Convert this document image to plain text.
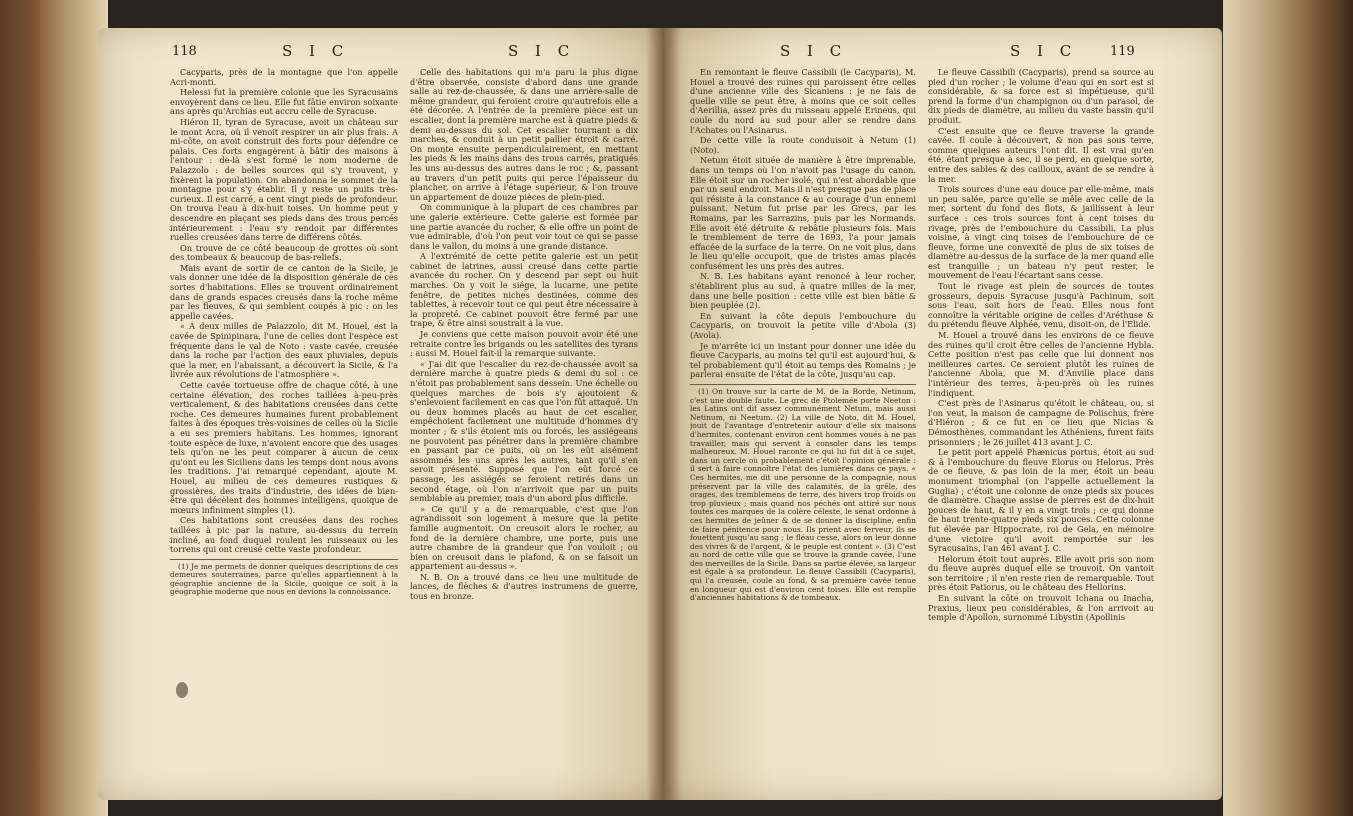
118	S I C	S I C	S I C	S I C	119

Cacyparis, près de la montagne que l'on appelle Acri-monti.

Helessi fut la première colonie que les Syracusains envoyèrent dans ce lieu. Elle fut fâtie environ soixante ans après qu'Archias eut accru celle de Syracuse.

Hiéron II, tyran de Syracuse, avoit un château sur le mont Acra, où il venoit respirer un air plus frais. A mi-côte, on avoit construit des forts pour défendre ce palais. Ces forts engagèrent à bâtir des maisons à l'entour : de-là s'est formé le nom moderne de Palazzolo : de belles sources qui s'y trouvent, y fixèrent la population. On abandonna le sommet de la montagne pour s'y établir. Il y reste un puits très-curieux. Il est carré, a cent vingt pieds de profondeur. On trouva l'eau à dix-huit toises. Un homme peut y descendre en plaçant ses pieds dans des trous percés intérieurement : l'eau s'y rendoit par différentes ruelles creusées dans terre de différens côtés.

On trouve de ce côté beaucoup de grottes où sont des tombeaux & beaucoup de bas-reliefs.

Mais avant de sortir de ce canton de la Sicile, je vais donner une idée de la disposition générale de ces sortes d'habitations. Elles se trouvent ordinairement dans de grands espaces creusés dans la roche même par les fleuves, & qui semblent coupés à pic : on les appelle cavées.

« A deux milles de Palazzolo, dit M. Houel, est la cavée de Spinipinara, l'une de celles dont l'espèce est fréquente dans le val de Noto : vaste cavée, creusée dans la roche par l'action des eaux pluviales, depuis que la mer, en l'abaissant, a découvert la Sicile, & l'a livrée aux révolutions de l'atmosphère ».

Cette cavée tortueuse offre de chaque côté, à une certaine élévation, des roches taillées à-peu-près verticalement, & des habitations creusées dans cette roche. Ces demeures humaines furent probablement faites à des époques très-voisines de celles où la Sicile a eu ses premiers habitans. Les hommes, ignorant toute espèce de luxe, n'avoient encore que des usages tels qu'on ne les peut comparer à aucun de ceux qu'ont eu les Siciliens dans les temps dont nous avons les traditions. J'ai remarqué cependant, ajoute M. Houel, au milieu de ces demeures rustiques & grossières, des traits d'industrie, des idées de bien-être qui décèlent des hommes intelligens, quoique de mœurs infiniment simples (1).

Ces habitations sont creusées dans des roches taillées à pic par la nature, au-dessus du terrein incliné, au fond duquel roulent les ruisseaux ou les torrens qui ont creusé cette vaste profondeur.

(1) Je me permets de donner quelques descriptions de ces demeures souterraines, parce qu'elles appartiennent à la géographie ancienne de la Sicile, quoique ce soit à la géographie moderne que nous en devions la connoissance.

Celle des habitations qui m'a paru la plus digne d'être observée, consiste d'abord dans une grande salle au rez-de-chaussée, & dans une arrière-salle de même grandeur, qui feroient croire qu'autrefois elle a été décorée. A l'entrée de la première pièce est un escalier, dont la première marche est à quatre pieds & demi au-dessus du sol. Cet escalier tournant a dix marches, & conduit à un petit pallier étroit & carré. On monte ensuite perpendiculairement, en mettant les pieds & les mains dans des trous carrés, pratiqués les uns au-dessus des autres dans le roc ; &, passant au travers d'un petit puits qui perce l'épaisseur du plancher, on arrive à l'étage supérieur, & l'on trouve un appartement de douze pièces de plein-pied.

On communique à la plupart de ces chambres par une galerie extérieure. Cette galerie est formée par une partie avancée du rocher, & elle offre un point de vue admirable, d'où l'on peut voir tout ce qui se passe dans le vallon, du moins à une grande distance.

A l'extrémité de cette petite galerie est un petit cabinet de latrines, aussi creusé dans cette partie avancée du rocher. On y descend par sept ou huit marches. On y voit le siége, la lucarne, une petite fenêtre, de petites niches destinées, comme des tablettes, à recevoir tout ce qui peut être nécessaire à la propreté. Ce cabinet pouvoit être fermé par une trape, & être ainsi soustrait à la vue.

Je conviens que cette maison pouvoit avoir été une retraite contre les brigands ou les satellites des tyrans : aussi M. Houel fait-il la remarque suivante.

« J'ai dit que l'escalier du rez-de-chaussée avoit sa dernière marche à quatre pieds & demi du sol : ce n'étoit pas probablement sans dessein. Une échelle ou quelques marches de bois s'y ajoutoient & s'enlevoient facilement en cas que l'on fût attaqué. Un ou deux hommes placés au haut de cet escalier, empêchoient facilement une multitude d'hommes d'y monter ; & s'ils étoient mis ou forcés, les assiégeans ne pouvoient pas pénétrer dans la première chambre en passant par ce puits, où on les eût aisément assommés les uns après les autres, tant qu'il s'en seroit présenté. Supposé que l'on eût forcé ce passage, les assiégés se feroient retirés dans un second étage, où l'on n'arrivoit que par un puits semblable au premier, mais d'un abord plus difficile.

» Ce qu'il y a de remarquable, c'est que l'on agrandissoit son logement à mesure que la petite famille augmentoit. On creusoit alors le rocher, au fond de la dernière chambre, une porte, puis une autre chambre de la grandeur que l'on vouloit ; ou bien on creusoit dans le plafond, & on se faisoit un appartement au-dessus ».

N. B. On a trouvé dans ce lieu une multitude de lances, de flèches & d'autres instrumens de guerre, tous en bronze.

En remontant le fleuve Cassibili (le Cacyparis), M. Houel a trouvé des ruines qui paroissent être celles d'une ancienne ville des Sicaniens : je ne fais de quelle ville se peut être, à moins que ce soit celles d'Aerillia, assez près du ruisseau appelé Erineus, qui coule du nord au sud pour aller se rendre dans l'Achates ou l'Asinarus.

De cette ville la route conduisoit à Netum (1) (Noto).

Netum étoit située de manière à être imprenable, dans un temps où l'on n'avoit pas l'usage du canon. Elle étoit sur un rocher isolé, qui n'est abordable que par un seul endroit. Mais il n'est presque pas de place qui résiste à la constance & au courage d'un ennemi puissant. Netum fut prise par les Grecs, par les Romains, par les Sarrazins, puis par les Normands. Elle avoit été détruite & rebâtie plusieurs fois. Mais le tremblement de terre de 1693, l'a pour jamais effacée de la surface de la terre. On ne voit plus, dans le lieu qu'elle occupoit, que de tristes amas placés confusément les uns près des autres.

N. B. Les habitans ayant renoncé à leur rocher, s'établirent plus au sud, à quatre milles de la mer, dans une belle position : cette ville est bien bâtie & bien peuplée (2).

En suivant la côte depuis l'embouchure du Cacyparis, on trouvoit la petite ville d'Abola (3) (Avola).

Je m'arrête ici un instant pour donner une idée du fleuve Cacyparis, au moins tel qu'il est aujourd'hui, & tel probablement qu'il étoit au temps des Romains ; je parlerai ensuite de l'état de la côte, jusqu'au cap.

(1) On trouve sur la carte de M. de la Borde, Netinum, c'est une double faute. Le grec de Ptolemée porte Neeton : les Latins ont dit assez communément Netum, mais aussi Netinum, ni Neetum. (2) La ville de Noto, dit M. Houel, jouit de l'avantage d'entretenir autour d'elle six maisons d'hermites, contenant environ cent hommes voués à ne pas travailler, mais qui servent à consoler dans les temps malheureux. M. Houel raconte ce qui lui fut dit à ce sujet, dans un cercle où probablement c'étoit l'opinion générale : il sert à faire connoître l'état des lumières dans ce pays. « Ces hermites, me dit une personne de la compagnie, nous préservent par la ville des calamités, de la grêle, des orages, des tremblemens de terre, des hivers trop froids ou trop pluvieux ; mais quand nos péchés ont attiré sur nous toutes ces marques de la colère céleste, le sénat ordonne à ces hermites de jeûner & de se donner la discipline, enfin de faire pénitence pour nous. Ils prient avec ferveur, ils se fouettent jusqu'au sang ; le fléau cesse, alors on leur donne des vivres & de l'argent, & le peuple est content ». (3) C'est au nord de cette ville que se trouve la grande cavée, l'une des merveilles de la Sicile. Dans sa partie élevée, sa largeur est égale à sa profondeur. Le fleuve Cassibili (Cacyparis), qui l'a creusée, coule au fond, & sa première cavée tenue en longueur qui est d'environ cent toises. Elle est remplie d'anciennes habitations & de tombeaux.

Le fleuve Cassibili (Cacyparis), prend sa source au pied d'un rocher ; le volume d'eau qui en sort est si considérable, & sa force est si impétueuse, qu'il prend la forme d'un champignon ou d'un parasol, de dix pieds de diamètre, au milieu du vaste bassin qu'il produit.

C'est ensuite que ce fleuve traverse la grande cavée. Il coule à découvert, & non pas sous terre, comme quelques auteurs l'ont dit. Il est vrai qu'en été, étant presque à sec, il se perd, en quelque sorte, entre des sables & des cailloux, avant de se rendre à la mer.

Trois sources d'une eau douce par elle-même, mais un peu salée, parce qu'elle se mêle avec celle de la mer, sortent du fond des flots, & jaillissent à leur surface : ces trois sources font à cent toises du rivage, près de l'embouchure du Cassibili. La plus voisine, à vingt cinq toises de l'embouchure de ce fleuve, forme une convexité de plus de six toises de diamètre au-dessus de la surface de la mer quand elle est tranquille ; un bateau n'y peut rester, le mouvement de l'eau l'écartant sans cesse.

Tout le rivage est plein de sources de toutes grosseurs, depuis Syracuse jusqu'à Pachinum, soit sous l'eau, soit hors de l'eau. Elles nous font connoître la véritable origine de celles d'Aréthuse & du prétendu fleuve Alphée, venu, disoit-on, de l'Elide.

M. Houel a trouvé dans les environs de ce fleuve des ruines qu'il croit être celles de l'ancienne Hybla. Cette position n'est pas celle que lui donnent nos meilleures cartes. Ce seroient plutôt les ruines de l'ancienne Abola, que M. d'Anville place dans l'intérieur des terres, à-peu-près où les ruines l'indiquent.

C'est près de l'Asinarus qu'étoit le château, ou, si l'on veut, la maison de campagne de Polischus, frère d'Hiéron ; & ce fut en ce lieu que Nicias & Démosthènes, commandant les Athéniens, furent faits prisonniers ; le 26 juillet 413 avant J. C.

Le petit port appelé Phænicus portus, étoit au sud & à l'embouchure du fleuve Elorus ou Helorus. Près de ce fleuve, & pas loin de la mer, étoit un beau monument triomphal (on l'appelle actuellement la Guglia) ; c'étoit une colonne de onze pieds six pouces de diamètre. Chaque assise de pierres est de dix-huit pouces de haut, & il y en a vingt trois ; ce qui donne de haut trente-quatre pieds six pouces. Cette colonne fut élevée par Hippocrate, roi de Gela, en mémoire d'une victoire qu'il avoit remportée sur les Syracusains, l'an 461 avant J. C.

Helorum étoit tout auprès. Elle avoit pris son nom du fleuve auprès duquel elle se trouvoit. On vantoit son territoire ; il n'en reste rien de remarquable. Tout près étoit Patiorus, ou le château des Hellorins.

En suivant la côte on trouvoit Ichana ou Inacha, Praxius, lieux peu considérables, & l'on arrivoit au temple d'Apollon, surnommé Libystin (Apollinis
